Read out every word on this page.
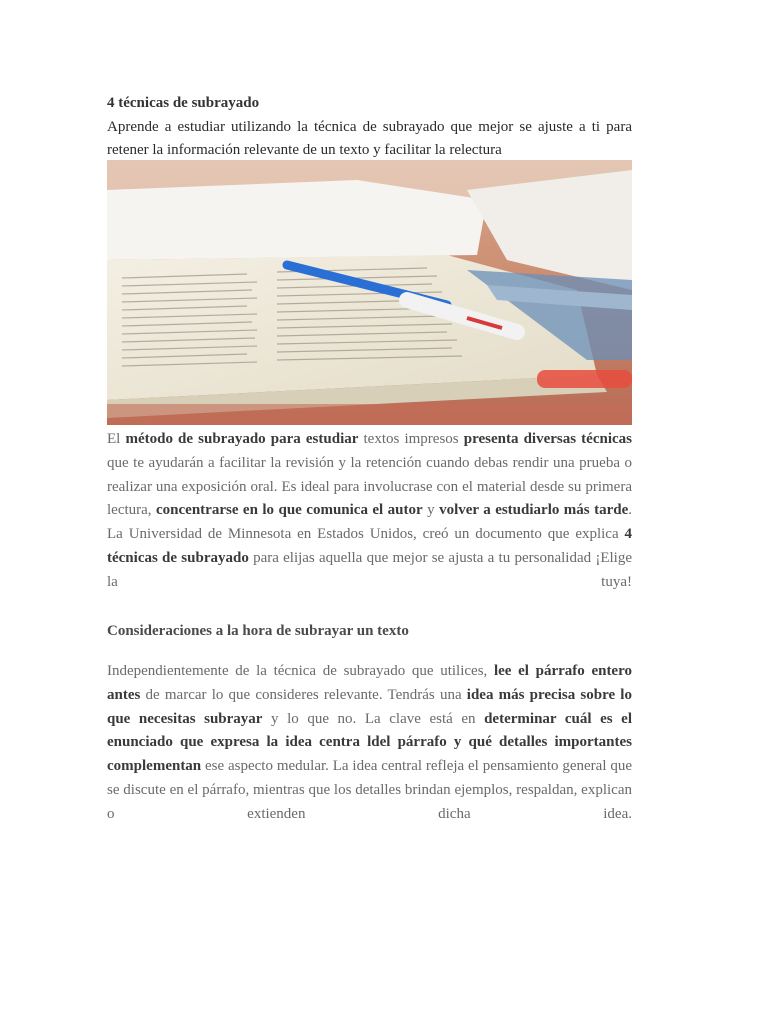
4 técnicas de subrayado

Aprende a estudiar utilizando la técnica de subrayado que mejor se ajuste a ti para retener la información relevante de un texto y facilitar la relectura

El método de subrayado para estudiar textos impresos presenta diversas técnicas que te ayudarán a facilitar la revisión y la retención cuando debas rendir una prueba o realizar una exposición oral. Es ideal para involucrase con el material desde su primera lectura, concentrarse en lo que comunica el autor y volver a estudiarlo más tarde. La Universidad de Minnesota en Estados Unidos, creó un documento que explica 4 técnicas de subrayado para elijas aquella que mejor se ajusta a tu personalidad ¡Elige la tuya!

Consideraciones a la hora de subrayar un texto

Independientemente de la técnica de subrayado que utilices, lee el párrafo entero antes de marcar lo que consideres relevante. Tendrás una idea más precisa sobre lo que necesitas subrayar y lo que no. La clave está en determinar cuál es el enunciado que expresa la idea centra ldel párrafo y qué detalles importantes complementan ese aspecto medular. La idea central refleja el pensamiento general que se discute en el párrafo, mientras que los detalles brindan ejemplos, respaldan, explican o extienden dicha idea.
